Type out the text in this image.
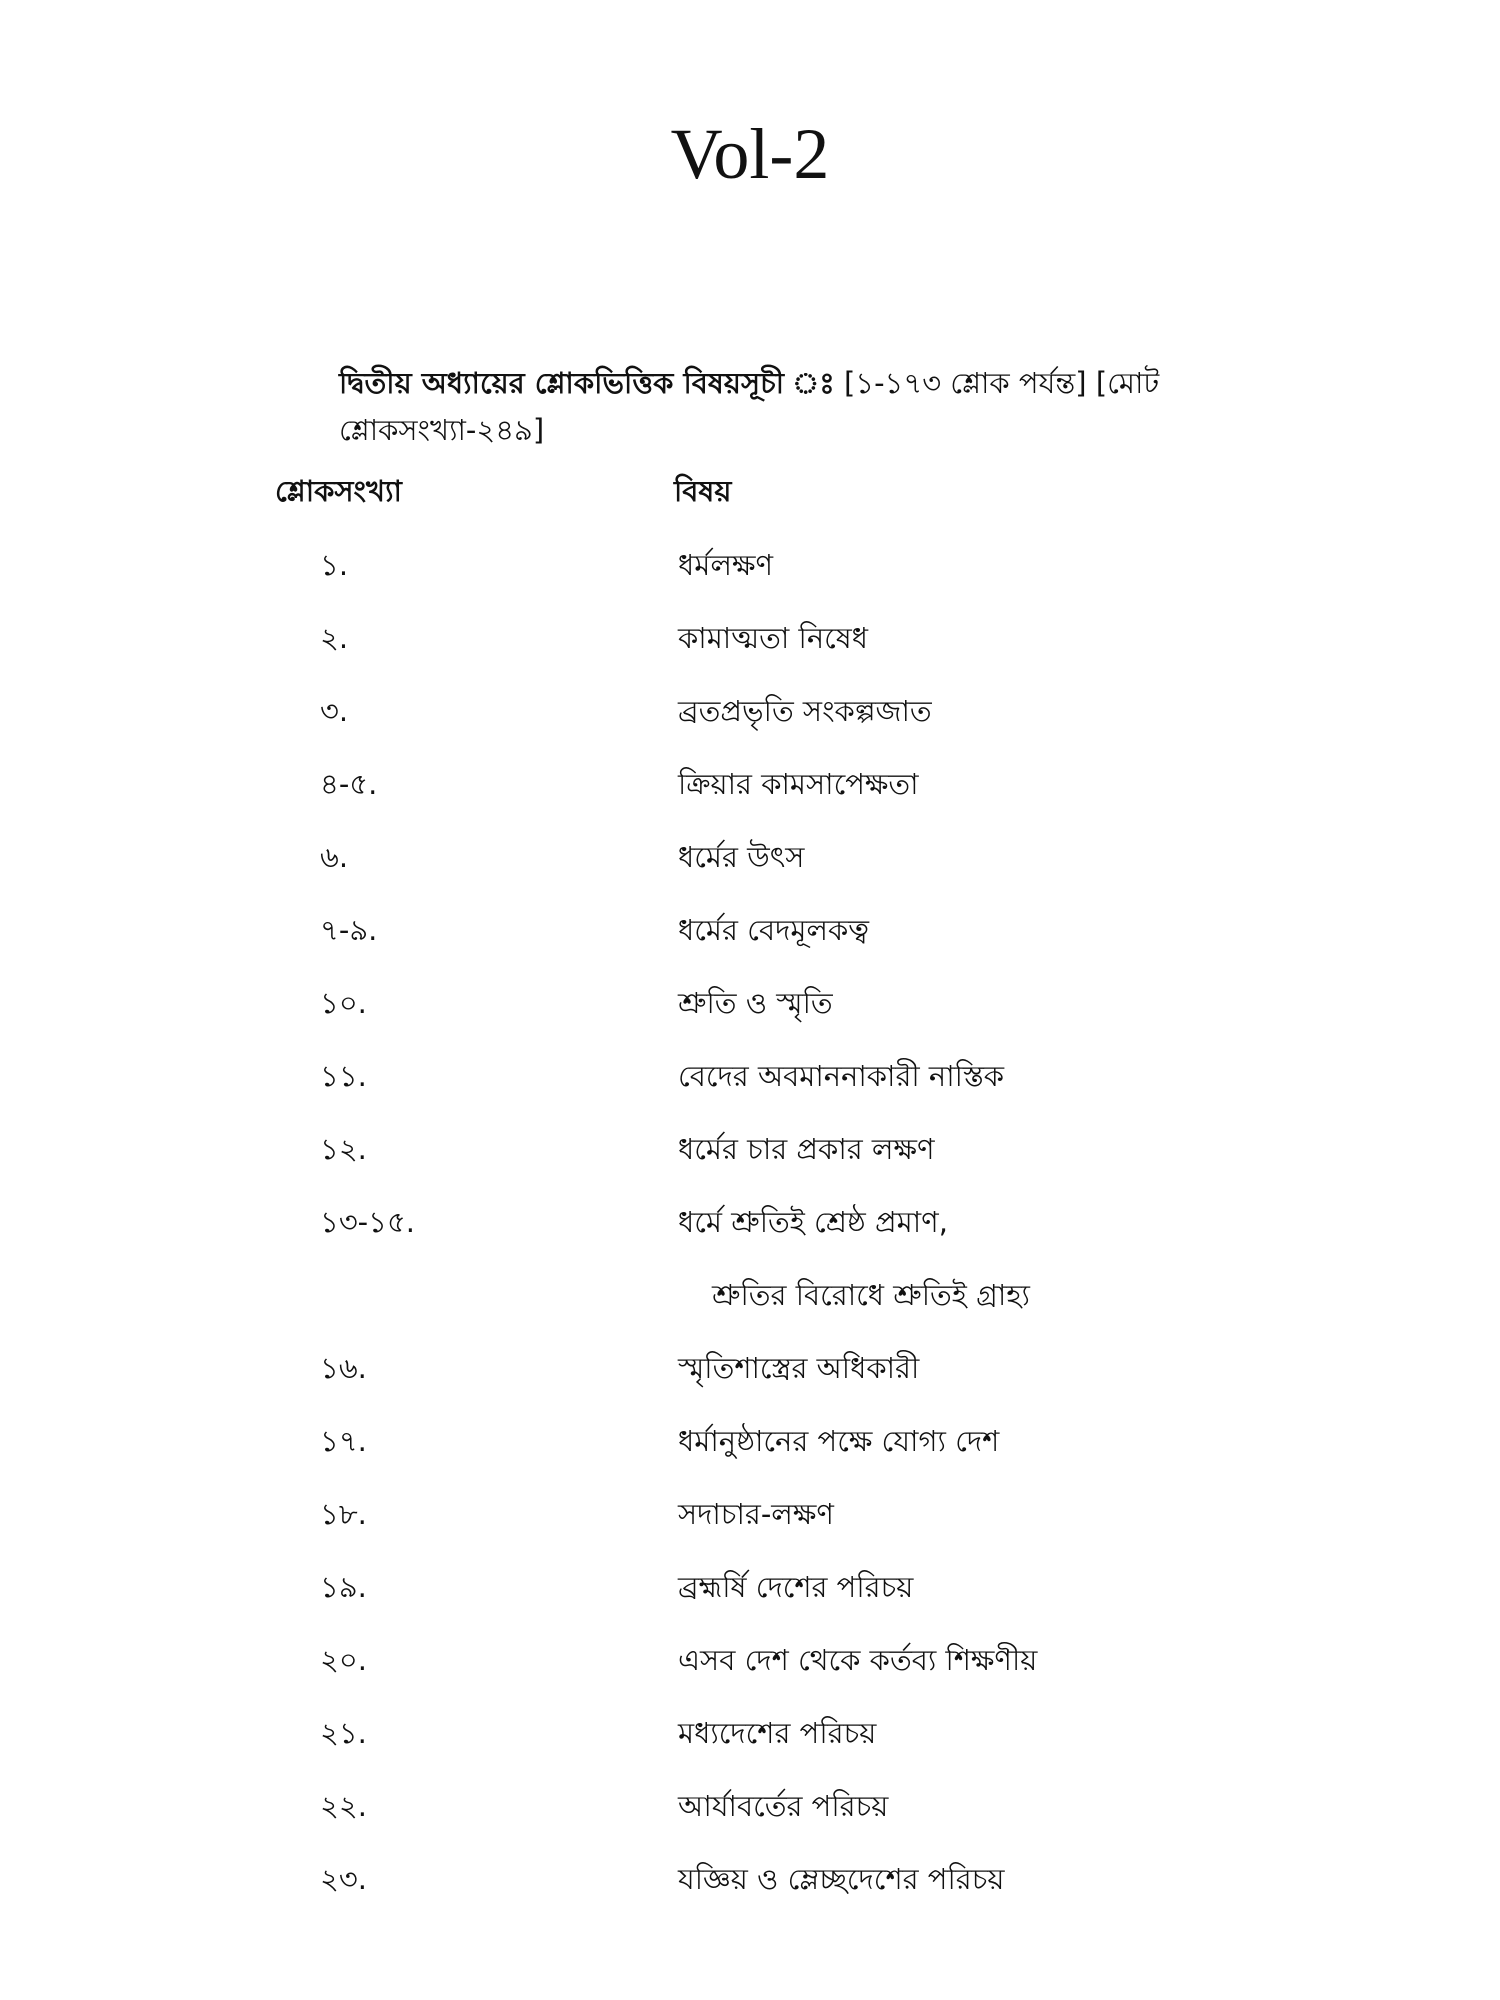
Vol-2
দ্বিতীয় অধ্যায়ের শ্লোকভিত্তিক বিষয়সূচী ঃ [১-১৭৩ শ্লোক পর্যন্ত] [মোট শ্লোকসংখ্যা-২৪৯]
শ্লোকসংখ্যা	বিষয়
১.	ধর্মলক্ষণ
২.	কামাত্মতা নিষেধ
৩.	ব্রতপ্রভৃতি সংকল্পজাত
৪-৫.	ক্রিয়ার কামসাপেক্ষতা
৬.	ধর্মের উৎস
৭-৯.	ধর্মের বেদমূলকত্ব
১০.	শ্রুতি ও স্মৃতি
১১.	বেদের অবমাননাকারী নাস্তিক
১২.	ধর্মের চার প্রকার লক্ষণ
১৩-১৫.	ধর্মে শ্রুতিই শ্রেষ্ঠ প্রমাণ,
শ্রুতির বিরোধে শ্রুতিই গ্রাহ্য
১৬.	স্মৃতিশাস্ত্রের অধিকারী
১৭.	ধর্মানুষ্ঠানের পক্ষে যোগ্য দেশ
১৮.	সদাচার-লক্ষণ
১৯.	ব্রহ্মর্ষি দেশের পরিচয়
২০.	এসব দেশ থেকে কর্তব্য শিক্ষণীয়
২১.	মধ্যদেশের পরিচয়
২২.	আর্যাবর্তের পরিচয়
২৩.	যজ্ঞিয় ও ম্লেচ্ছদেশের পরিচয়
